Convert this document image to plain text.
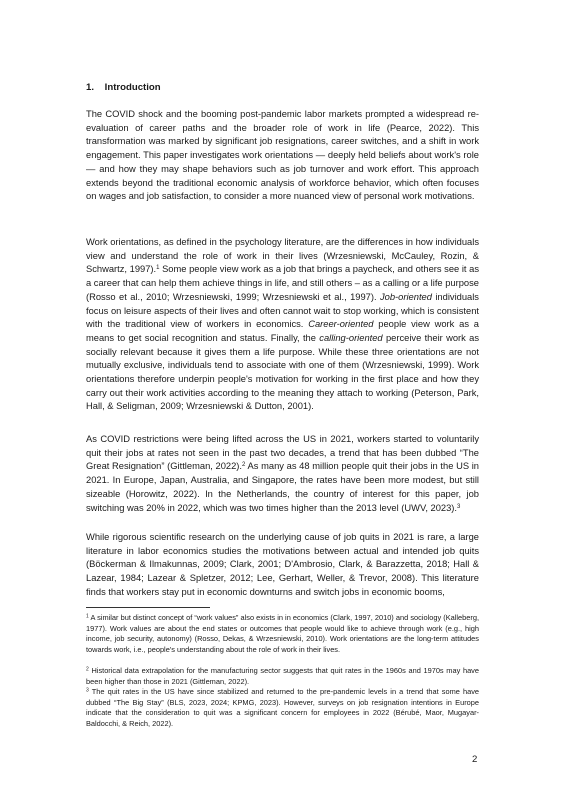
1. Introduction

The COVID shock and the booming post-pandemic labor markets prompted a widespread re-evaluation of career paths and the broader role of work in life (Pearce, 2022). This transformation was marked by significant job resignations, career switches, and a shift in work engagement. This paper investigates work orientations — deeply held beliefs about work's role — and how they may shape behaviors such as job turnover and work effort. This approach extends beyond the traditional economic analysis of workforce behavior, which often focuses on wages and job satisfaction, to consider a more nuanced view of personal work motivations.

Work orientations, as defined in the psychology literature, are the differences in how individuals view and understand the role of work in their lives (Wrzesniewski, McCauley, Rozin, & Schwartz, 1997).$^1$ Some people view work as a job that brings a paycheck, and others see it as a career that can help them achieve things in life, and still others – as a calling or a life purpose (Rosso et al., 2010; Wrzesniewski, 1999; Wrzesniewski et al., 1997). Job-oriented individuals focus on leisure aspects of their lives and often cannot wait to stop working, which is consistent with the traditional view of workers in economics. Career-oriented people view work as a means to get social recognition and status. Finally, the calling-oriented perceive their work as socially relevant because it gives them a life purpose. While these three orientations are not mutually exclusive, individuals tend to associate with one of them (Wrzesniewski, 1999). Work orientations therefore underpin people's motivation for working in the first place and how they carry out their work activities according to the meaning they attach to working (Peterson, Park, Hall, & Seligman, 2009; Wrzesniewski & Dutton, 2001).

As COVID restrictions were being lifted across the US in 2021, workers started to voluntarily quit their jobs at rates not seen in the past two decades, a trend that has been dubbed “The Great Resignation” (Gittleman, 2022).$^2$ As many as 48 million people quit their jobs in the US in 2021. In Europe, Japan, Australia, and Singapore, the rates have been more modest, but still sizeable (Horowitz, 2022). In the Netherlands, the country of interest for this paper, job switching was 20% in 2022, which was two times higher than the 2013 level (UWV, 2023).$^3$

While rigorous scientific research on the underlying cause of job quits in 2021 is rare, a large literature in labor economics studies the motivations between actual and intended job quits (Böckerman & Ilmakunnas, 2009; Clark, 2001; D'Ambrosio, Clark, & Barazzetta, 2018; Hall & Lazear, 1984; Lazear & Spletzer, 2012; Lee, Gerhart, Weller, & Trevor, 2008). This literature finds that workers stay put in economic downturns and switch jobs in economic booms,

$^1$ A similar but distinct concept of “work values” also exists in in economics (Clark, 1997, 2010) and sociology (Kalleberg, 1977). Work values are about the end states or outcomes that people would like to achieve through work (e.g., high income, job security, autonomy) (Rosso, Dekas, & Wrzesniewski, 2010). Work orientations are the long-term attitudes towards work, i.e., people's understanding about the role of work in their lives.

$^2$ Historical data extrapolation for the manufacturing sector suggests that quit rates in the 1960s and 1970s may have been higher than those in 2021 (Gittleman, 2022).

$^3$ The quit rates in the US have since stabilized and returned to the pre-pandemic levels in a trend that some have dubbed “The Big Stay” (BLS, 2023, 2024; KPMG, 2023). However, surveys on job resignation intentions in Europe indicate that the consideration to quit was a significant concern for employees in 2022 (Bérubé, Maor, Mugayar-Baldocchi, & Reich, 2022).

2
